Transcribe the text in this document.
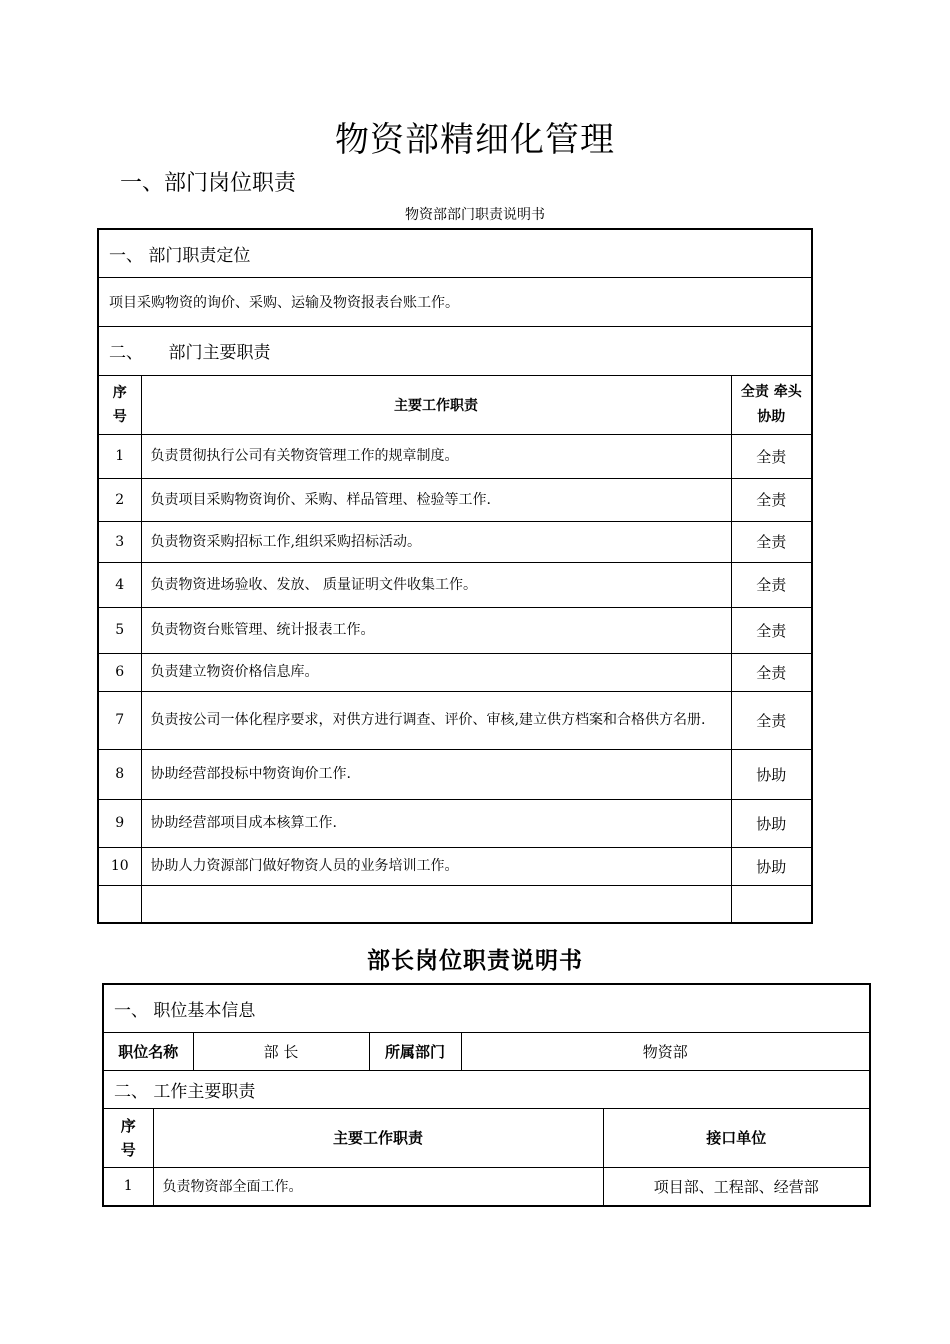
物资部精细化管理
一、部门岗位职责
物资部部门职责说明书
一、 部门职责定位		
项目采购物资的询价、采购、运输及物资报表台账工作。		
二、　　部门主要职责		
序号	主要工作职责	全责 牵头 协助
1	负责贯彻执行公司有关物资管理工作的规章制度。	全责
2	负责项目采购物资询价、采购、样品管理、检验等工作.	全责
3	负责物资采购招标工作,组织采购招标活动。	全责
4	负责物资进场验收、发放、 质量证明文件收集工作。	全责
5	负责物资台账管理、统计报表工作。	全责
6	负责建立物资价格信息库。	全责
7	负责按公司一体化程序要求，对供方进行调查、评价、审核,建立供方档案和合格供方名册.	全责
8	协助经营部投标中物资询价工作.	协助
9	协助经营部项目成本核算工作.	协助
10	协助人力资源部门做好物资人员的业务培训工作。	协助

部长岗位职责说明书
一、 职位基本信息					
职位名称		部 长	所属部门	物资部	
二、 工作主要职责					
序号	主要工作职责				接口单位
1	负责物资部全面工作。				项目部、工程部、经营部
